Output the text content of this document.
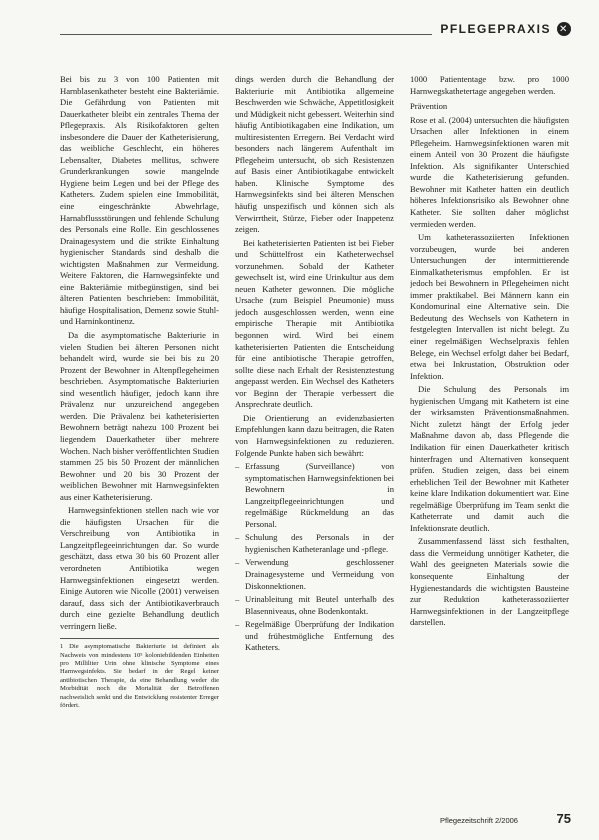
PFLEGEPRAXIS ✕

Bei bis zu 3 von 100 Patienten mit Harnblasenkatheter besteht eine Bakteriämie. Die Gefährdung von Patienten mit Dauerkatheter bleibt ein zentrales Thema der Pflegepraxis. Als Risikofaktoren gelten insbesondere die Dauer der Katheterisierung, das weibliche Geschlecht, ein höheres Lebensalter, Diabetes mellitus, schwere Grunderkrankungen sowie mangelnde Hygiene beim Legen und bei der Pflege des Katheters. Zudem spielen eine Immobilität, eine eingeschränkte Abwehrlage, Harnabflussstörungen und fehlende Schulung des Personals eine Rolle. Ein geschlossenes Drainagesystem und die strikte Einhaltung hygienischer Standards sind deshalb die wichtigsten Maßnahmen zur Vermeidung. Weitere Faktoren, die Harnwegsinfekte und eine Bakteriämie mitbegünstigen, sind bei älteren Patienten beschrieben: Immobilität, häufige Hospitalisation, Demenz sowie Stuhl- und Harninkontinenz.

Da die asymptomatische Bakteriurie in vielen Studien bei älteren Personen nicht behandelt wird, wurde sie bei bis zu 20 Prozent der Bewohner in Altenpflegeheimen beschrieben. Asymptomatische Bakteriurien sind wesentlich häufiger, jedoch kann ihre Prävalenz nur unzureichend angegeben werden. Die Prävalenz bei katheterisierten Bewohnern beträgt nahezu 100 Prozent bei liegendem Dauerkatheter über mehrere Wochen. Nach bisher veröffentlichten Studien stammen 25 bis 50 Prozent der männlichen Bewohner und 20 bis 30 Prozent der weiblichen Bewohner mit Harnwegsinfekten aus einer Katheterisierung.

Harnwegsinfektionen stellen nach wie vor die häufigsten Ursachen für die Verschreibung von Antibiotika in Langzeitpflegeeinrichtungen dar. So wurde geschätzt, dass etwa 30 bis 60 Prozent aller verordneten Antibiotika wegen Harnwegsinfektionen eingesetzt werden. Einige Autoren wie Nicolle (2001) verweisen darauf, dass sich der Antibiotikaverbrauch durch eine gezielte Behandlung deutlich verringern ließe.

1 Die asymptomatische Bakteriurie ist definiert als Nachweis von mindestens 10⁵ koloniebildenden Einheiten pro Milliliter Urin ohne klinische Symptome eines Harnwegsinfekts. Sie bedarf in der Regel keiner antibiotischen Therapie, da eine Behandlung weder die Morbidität noch die Mortalität der Betroffenen nachweislich senkt und die Entwicklung resistenter Erreger fördert.

dings werden durch die Behandlung der Bakteriurie mit Antibiotika allgemeine Beschwerden wie Schwäche, Appetitlosigkeit und Müdigkeit nicht gebessert. Weiterhin sind häufig Antibiotikagaben eine Indikation, um multiresistenten Erregern. Bei Verdacht wird besonders nach längerem Aufenthalt im Pflegeheim untersucht, ob sich Resistenzen auf Basis einer Antibiotikagabe entwickelt haben. Klinische Symptome des Harnwegsinfekts sind bei älteren Menschen häufig unspezifisch und können sich als Verwirrtheit, Stürze, Fieber oder Inappetenz zeigen.

Bei katheterisierten Patienten ist bei Fieber und Schüttelfrost ein Katheterwechsel vorzunehmen. Sobald der Katheter gewechselt ist, wird eine Urinkultur aus dem neuen Katheter gewonnen. Die mögliche Ursache (zum Beispiel Pneumonie) muss jedoch ausgeschlossen werden, wenn eine empirische Therapie mit Antibiotika begonnen wird. Wird bei einem katheterisierten Patienten die Entscheidung für eine antibiotische Therapie getroffen, sollte diese nach Erhalt der Resistenztestung angepasst werden. Ein Wechsel des Katheters vor Beginn der Therapie verbessert die Ansprechrate deutlich.

Die Orientierung an evidenzbasierten Empfehlungen kann dazu beitragen, die Raten von Harnwegsinfektionen zu reduzieren. Folgende Punkte haben sich bewährt:

– Erfassung (Surveillance) von symptomatischen Harnwegsinfektionen bei Bewohnern in Langzeitpflegeeinrichtungen und regelmäßige Rückmeldung an das Personal.

– Schulung des Personals in der hygienischen Katheteranlage und -pflege.

– Verwendung geschlossener Drainagesysteme und Vermeidung von Diskonnektionen.

– Urinableitung mit Beutel unterhalb des Blasenniveaus, ohne Bodenkontakt.

– Regelmäßige Überprüfung der Indikation und frühestmögliche Entfernung des Katheters.

1000 Patiententage bzw. pro 1000 Harnwegskathetertage angegeben werden.

Prävention

Rose et al. (2004) untersuchten die häufigsten Ursachen aller Infektionen in einem Pflegeheim. Harnwegsinfektionen waren mit einem Anteil von 30 Prozent die häufigste Infektion. Als signifikanter Unterschied wurde die Katheterisierung gefunden. Bewohner mit Katheter hatten ein deutlich höheres Infektionsrisiko als Bewohner ohne Katheter. Sie sollten daher möglichst vermieden werden.

Um katheterassoziierten Infektionen vorzubeugen, wurde bei anderen Untersuchungen der intermittierende Einmalkatheterismus empfohlen. Er ist jedoch bei Bewohnern in Pflegeheimen nicht immer praktikabel. Bei Männern kann ein Kondomurinal eine Alternative sein. Die Bedeutung des Wechsels von Kathetern in festgelegten Intervallen ist nicht belegt. Zu einer regelmäßigen Wechselpraxis fehlen Belege, ein Wechsel erfolgt daher bei Bedarf, etwa bei Inkrustation, Obstruktion oder Infektion.

Die Schulung des Personals im hygienischen Umgang mit Kathetern ist eine der wirksamsten Präventionsmaßnahmen. Nicht zuletzt hängt der Erfolg jeder Maßnahme davon ab, dass Pflegende die Indikation für einen Dauerkatheter kritisch hinterfragen und Alternativen konsequent prüfen. Studien zeigen, dass bei einem erheblichen Teil der Bewohner mit Katheter keine klare Indikation dokumentiert war. Eine regelmäßige Überprüfung im Team senkt die Katheterrate und damit auch die Infektionsrate deutlich.

Zusammenfassend lässt sich festhalten, dass die Vermeidung unnötiger Katheter, die Wahl des geeigneten Materials sowie die konsequente Einhaltung der Hygienestandards die wichtigsten Bausteine zur Reduktion katheterassoziierter Harnwegsinfektionen in der Langzeitpflege darstellen.

Pflegezeitschrift 2/2006	75
